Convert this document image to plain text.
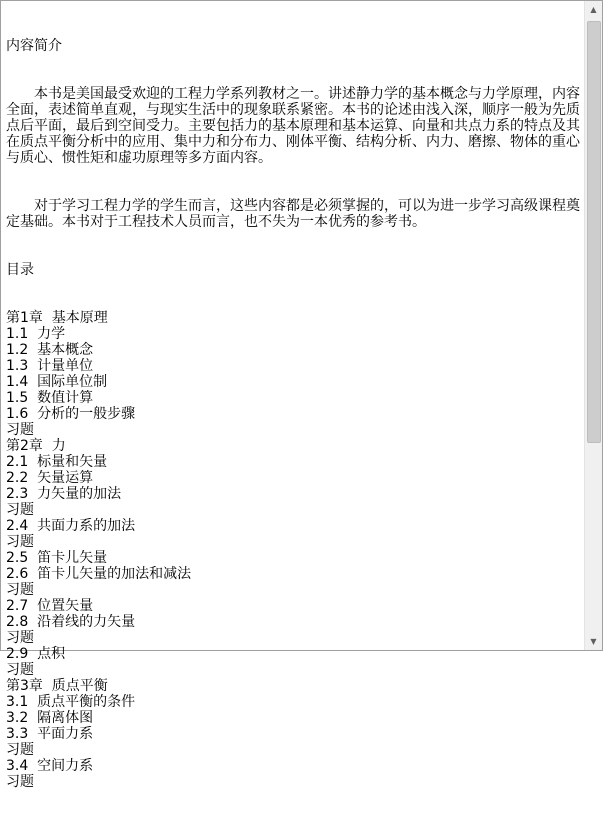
内容简介

本书是美国最受欢迎的工程力学系列教材之一。讲述静力学的基本概念与力学原理，内容全面，表述简单直观，与现实生活中的现象联系紧密。本书的论述由浅入深，顺序一般为先质点后平面，最后到空间受力。主要包括力的基本原理和基本运算、向量和共点力系的特点及其在质点平衡分析中的应用、集中力和分布力、刚体平衡、结构分析、内力、磨擦、物体的重心与质心、惯性矩和虚功原理等多方面内容。

对于学习工程力学的学生而言，这些内容都是必须掌握的，可以为进一步学习高级课程奠定基础。本书对于工程技术人员而言，也不失为一本优秀的参考书。

目录

第1章  基本原理
1.1  力学
1.2  基本概念
1.3  计量单位
1.4  国际单位制
1.5  数值计算
1.6  分析的一般步骤
习题
第2章  力
2.1  标量和矢量
2.2  矢量运算
2.3  力矢量的加法
习题
2.4  共面力系的加法
习题
2.5  笛卡儿矢量
2.6  笛卡儿矢量的加法和减法
习题
2.7  位置矢量
2.8  沿着线的力矢量
习题
2.9  点积
习题
第3章  质点平衡
3.1  质点平衡的条件
3.2  隔离体图
3.3  平面力系
习题
3.4  空间力系
习题

▲
▼
